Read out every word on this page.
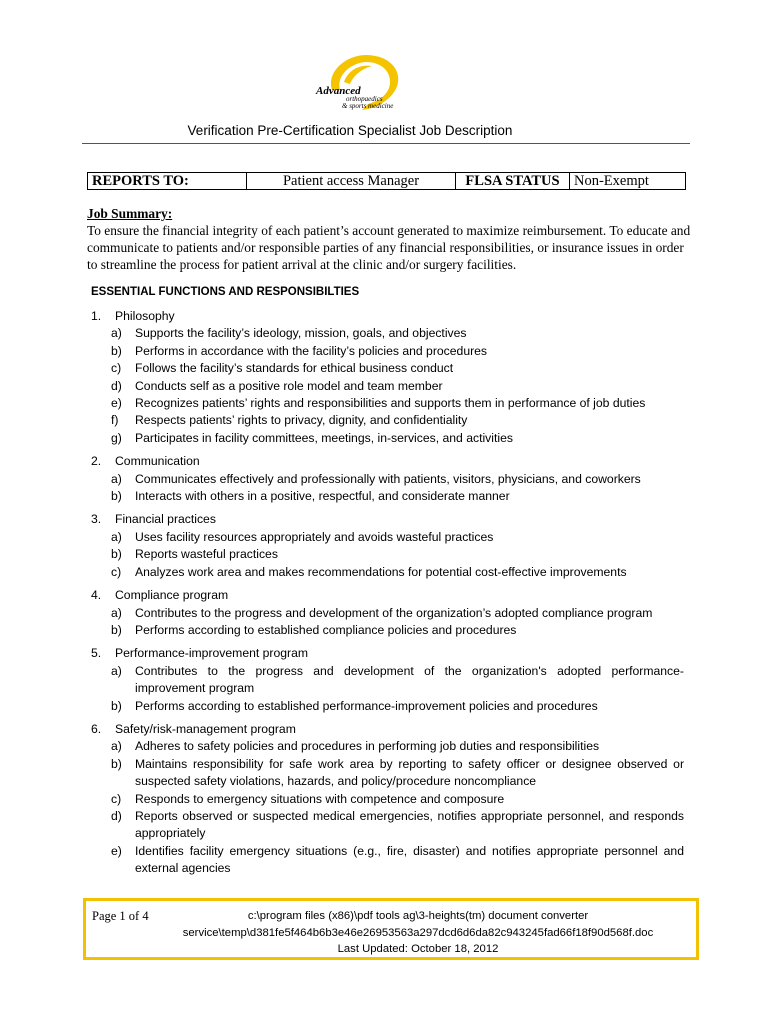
Advanced
orthopaedics
& sports medicine
Verification Pre-Certification Specialist Job Description
REPORTS TO:	Patient access Manager	FLSA STATUS	Non-Exempt
Job Summary:
To ensure the financial integrity of each patient’s account generated to maximize reimbursement. To educate and communicate to patients and/or responsible parties of any financial responsibilities, or insurance issues in order to streamline the process for patient arrival at the clinic and/or surgery facilities.
ESSENTIAL FUNCTIONS AND RESPONSIBILTIES
1. Philosophy
a) Supports the facility’s ideology, mission, goals, and objectives
b) Performs in accordance with the facility’s policies and procedures
c) Follows the facility’s standards for ethical business conduct
d) Conducts self as a positive role model and team member
e) Recognizes patients’ rights and responsibilities and supports them in performance of job duties
f) Respects patients’ rights to privacy, dignity, and confidentiality
g) Participates in facility committees, meetings, in-services, and activities
2. Communication
a) Communicates effectively and professionally with patients, visitors, physicians, and coworkers
b) Interacts with others in a positive, respectful, and considerate manner
3. Financial practices
a) Uses facility resources appropriately and avoids wasteful practices
b) Reports wasteful practices
c) Analyzes work area and makes recommendations for potential cost-effective improvements
4. Compliance program
a) Contributes to the progress and development of the organization’s adopted compliance program
b) Performs according to established compliance policies and procedures
5. Performance-improvement program
a) Contributes to the progress and development of the organization's adopted performance-improvement program
b) Performs according to established performance-improvement policies and procedures
6. Safety/risk-management program
a) Adheres to safety policies and procedures in performing job duties and responsibilities
b) Maintains responsibility for safe work area by reporting to safety officer or designee observed or suspected safety violations, hazards, and policy/procedure noncompliance
c) Responds to emergency situations with competence and composure
d) Reports observed or suspected medical emergencies, notifies appropriate personnel, and responds appropriately
e) Identifies facility emergency situations (e.g., fire, disaster) and notifies appropriate personnel and external agencies
Page 1 of 4	c:\program files (x86)\pdf tools ag\3-heights(tm) document converter
service\temp\d381fe5f464b6b3e46e26953563a297dcd6d6da82c943245fad66f18f90d568f.doc
Last Updated: October 18, 2012
